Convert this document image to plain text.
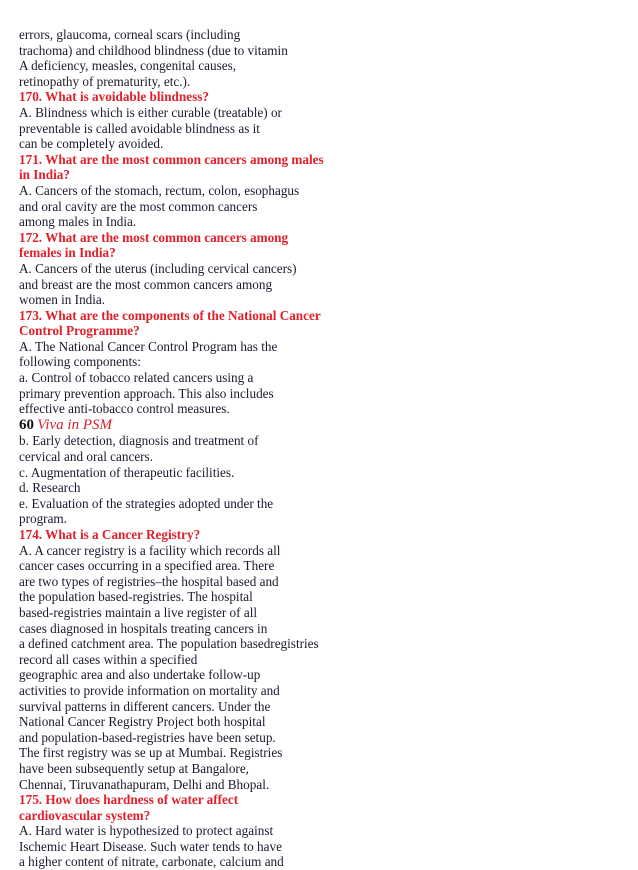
errors, glaucoma, corneal scars (including
trachoma) and childhood blindness (due to vitamin
A deficiency, measles, congenital causes,
retinopathy of prematurity, etc.).
170. What is avoidable blindness?
A. Blindness which is either curable (treatable) or
preventable is called avoidable blindness as it
can be completely avoided.
171. What are the most common cancers among males
in India?
A. Cancers of the stomach, rectum, colon, esophagus
and oral cavity are the most common cancers
among males in India.
172. What are the most common cancers among
females in India?
A. Cancers of the uterus (including cervical cancers)
and breast are the most common cancers among
women in India.
173. What are the components of the National Cancer
Control Programme?
A. The National Cancer Control Program has the
following components:
a. Control of tobacco related cancers using a
primary prevention approach. This also includes
effective anti-tobacco control measures.
60 Viva in PSM
b. Early detection, diagnosis and treatment of
cervical and oral cancers.
c. Augmentation of therapeutic facilities.
d. Research
e. Evaluation of the strategies adopted under the
program.
174. What is a Cancer Registry?
A. A cancer registry is a facility which records all
cancer cases occurring in a specified area. There
are two types of registries–the hospital based and
the population based-registries. The hospital
based-registries maintain a live register of all
cases diagnosed in hospitals treating cancers in
a defined catchment area. The population basedregistries
record all cases within a specified
geographic area and also undertake follow-up
activities to provide information on mortality and
survival patterns in different cancers. Under the
National Cancer Registry Project both hospital
and population-based-registries have been setup.
The first registry was se up at Mumbai. Registries
have been subsequently setup at Bangalore,
Chennai, Tiruvanathapuram, Delhi and Bhopal.
175. How does hardness of water affect
cardiovascular system?
A. Hard water is hypothesized to protect against
Ischemic Heart Disease. Such water tends to have
a higher content of nitrate, carbonate, calcium and
